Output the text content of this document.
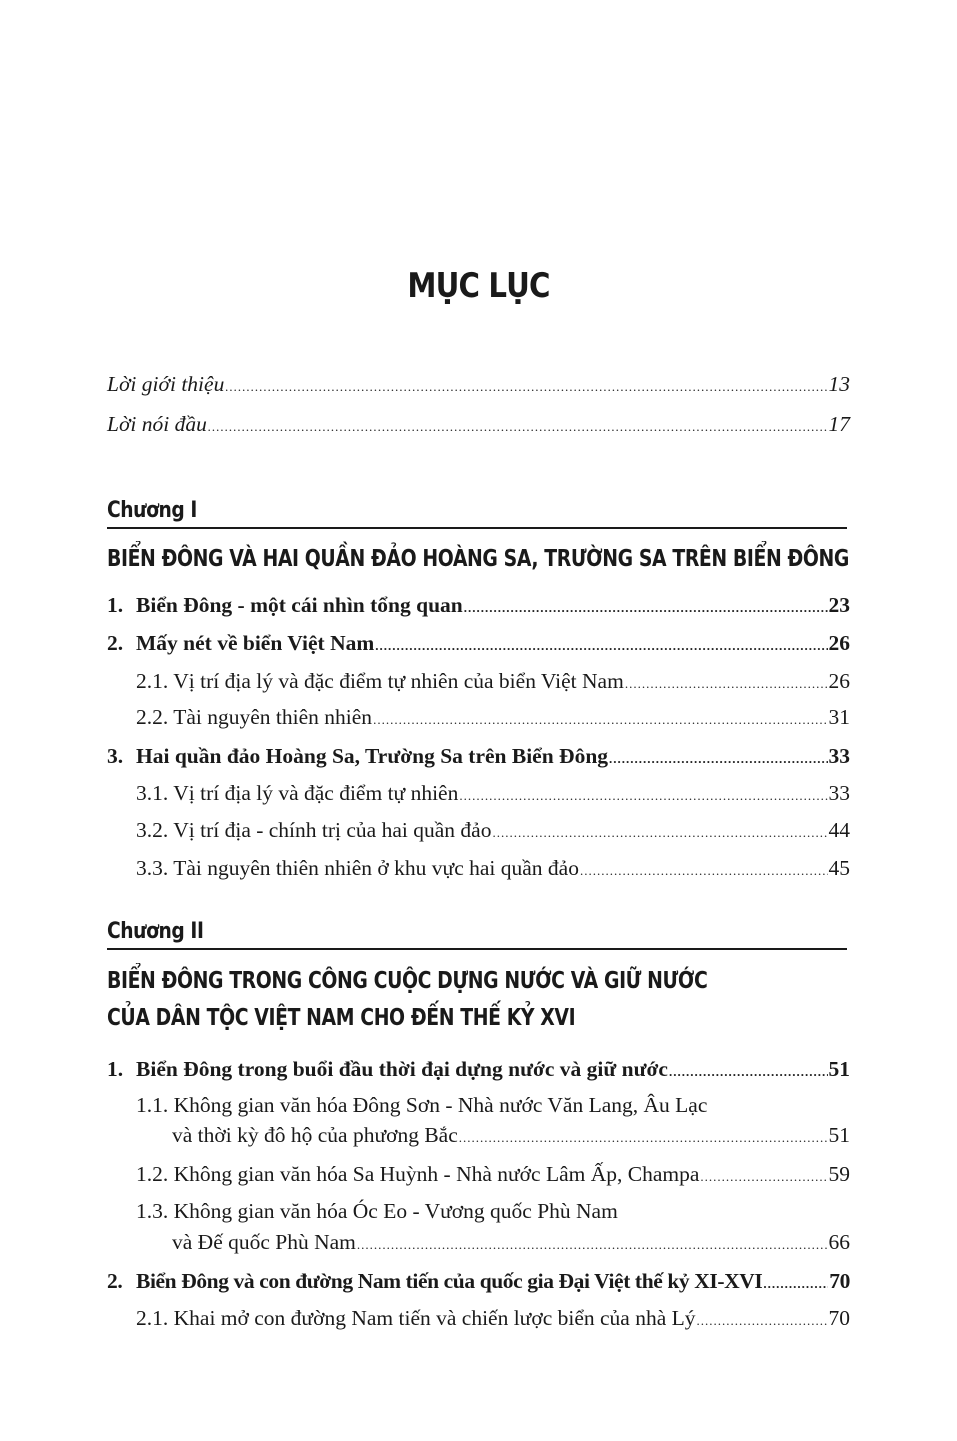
MỤC LỤC
Lời giới thiệu .....	13
Lời nói đầu .....	17
Chương I
BIỂN ĐÔNG VÀ HAI QUẦN ĐẢO HOÀNG SA, TRƯỜNG SA TRÊN BIỂN ĐÔNG
1. Biển Đông - một cái nhìn tổng quan .....	23
2. Mấy nét về biển Việt Nam .....	26
2.1. Vị trí địa lý và đặc điểm tự nhiên của biển Việt Nam .....	26
2.2. Tài nguyên thiên nhiên .....	31
3. Hai quần đảo Hoàng Sa, Trường Sa trên Biển Đông .....	33
3.1. Vị trí địa lý và đặc điểm tự nhiên .....	33
3.2. Vị trí địa - chính trị của hai quần đảo .....	44
3.3. Tài nguyên thiên nhiên ở khu vực hai quần đảo .....	45
Chương II
BIỂN ĐÔNG TRONG CÔNG CUỘC DỰNG NƯỚC VÀ GIỮ NƯỚC
CỦA DÂN TỘC VIỆT NAM CHO ĐẾN THẾ KỶ XVI
1. Biển Đông trong buổi đầu thời đại dựng nước và giữ nước .....	51
1.1. Không gian văn hóa Đông Sơn - Nhà nước Văn Lang, Âu Lạc
và thời kỳ đô hộ của phương Bắc .....	51
1.2. Không gian văn hóa Sa Huỳnh - Nhà nước Lâm Ấp, Champa .....	59
1.3. Không gian văn hóa Óc Eo - Vương quốc Phù Nam
và Đế quốc Phù Nam .....	66
2. Biển Đông và con đường Nam tiến của quốc gia Đại Việt thế kỷ XI-XVI .....	70
2.1. Khai mở con đường Nam tiến và chiến lược biển của nhà Lý .....	70
